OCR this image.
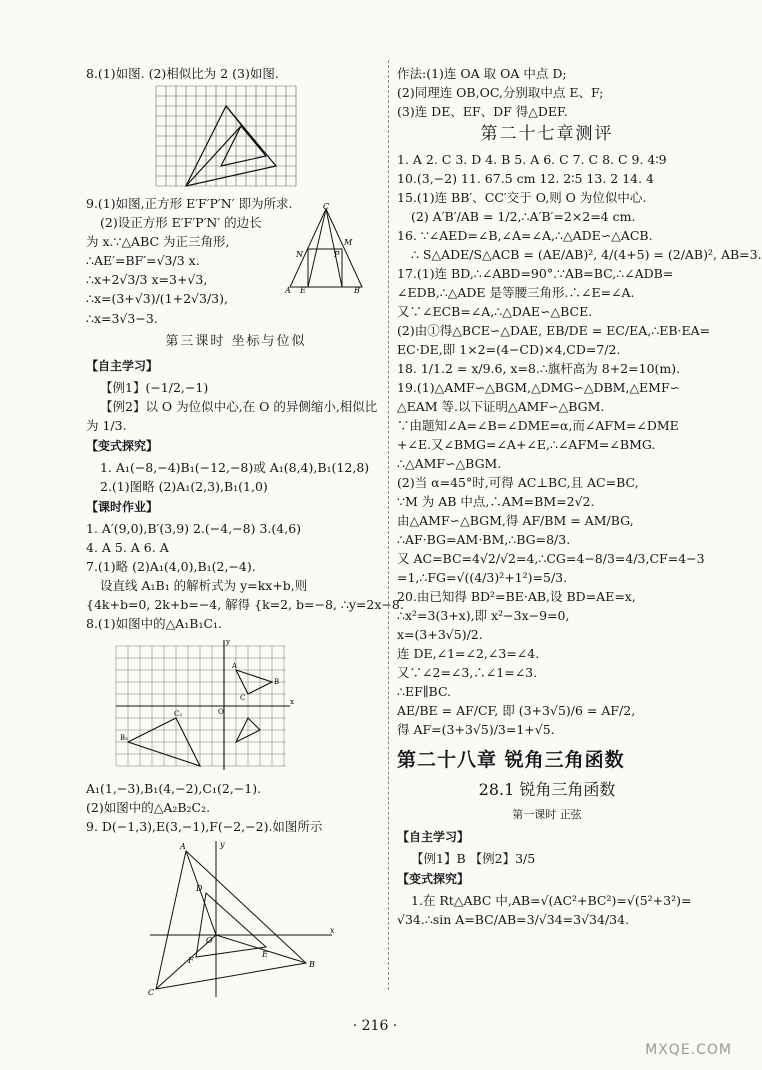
8.(1)如图. (2)相似比为 2 (3)如图.
9.(1)如图,正方形 E′F′P′N′ 即为所求.
(2)设正方形 E′F′P′N′ 的边长
为 x.∵△ABC 为正三角形,
∴AE′=BF′=√3/3 x.
∴x+2√3/3 x=3+√3,
∴x=(3+√3)/(1+2√3/3),
C
M
N	P
A E	B
∴x=3√3−3.
第三课时 坐标与位似
【自主学习】
【例1】(−1/2,−1)
【例2】以 O 为位似中心,在 O 的异侧缩小,相似比
为 1/3.
【变式探究】
1. A₁(−8,−4)B₁(−12,−8)或 A₁(8,4),B₁(12,8)
2.(1)图略 (2)A₁(2,3),B₁(1,0)
【课时作业】
1. A′(9,0),B′(3,9) 2.(−4,−8) 3.(4,6)
4. A 5. A 6. A
7.(1)略 (2)A₁(4,0),B₁(2,−4).
设直线 A₁B₁ 的解析式为 y=kx+b,则
{4k+b=0, 2k+b=−4, 解得 {k=2, b=−8, ∴y=2x−8.
8.(1)如图中的△A₁B₁C₁.
x
y
O
A
B
C
B₂
C₂
A₁(1,−3),B₁(4,−2),C₁(2,−1).
(2)如图中的△A₂B₂C₂.
9. D(−1,3),E(3,−1),F(−2,−2).如图所示
A
B
C
D
E
F
O
x
y
作法:(1)连 OA 取 OA 中点 D;
(2)同理连 OB,OC,分别取中点 E、F;
(3)连 DE、EF、DF 得△DEF.
第二十七章测评
1. A 2. C 3. D 4. B 5. A 6. C 7. C 8. C 9. 4∶9
10.(3,−2) 11. 67.5 cm 12. 2∶5 13. 2 14. 4
15.(1)连 BB′、CC′交于 O,则 O 为位似中心.
(2) A′B′/AB = 1/2,∴A′B′=2×2=4 cm.
16. ∵∠AED=∠B,∠A=∠A,∴△ADE∽△ACB.
∴ S△ADE/S△ACB = (AE/AB)², 4/(4+5) = (2/AB)², AB=3.
17.(1)连 BD,∴∠ABD=90°.∵AB=BC,∴∠ADB=
∠EDB,∴△ADE 是等腰三角形.∴∠E=∠A.
又∵∠ECB=∠A,∴△DAE∽△BCE.
(2)由①得△BCE∽△DAE, EB/DE = EC/EA,∴EB·EA=
EC·DE,即 1×2=(4−CD)×4,CD=7/2.
18. 1/1.2 = x/9.6, x=8.∴旗杆高为 8+2=10(m).
19.(1)△AMF∽△BGM,△DMG∽△DBM,△EMF∽
△EAM 等.以下证明△AMF∽△BGM.
∵由题知∠A=∠B=∠DME=α,而∠AFM=∠DME
+∠E.又∠BMG=∠A+∠E,∴∠AFM=∠BMG.
∴△AMF∽△BGM.
(2)当 α=45°时,可得 AC⊥BC,且 AC=BC,
∵M 为 AB 中点,∴AM=BM=2√2.
由△AMF∽△BGM,得 AF/BM = AM/BG,
∴AF·BG=AM·BM,∴BG=8/3.
又 AC=BC=4√2/√2=4,∴CG=4−8/3=4/3,CF=4−3
=1,∴FG=√((4/3)²+1²)=5/3.
20.由已知得 BD²=BE·AB,设 BD=AE=x,
∴x²=3(3+x),即 x²−3x−9=0,
x=(3+3√5)/2.
连 DE,∠1=∠2,∠3=∠4.
又∵∠2=∠3,∴∠1=∠3.
∴EF∥BC.
AE/BE = AF/CF, 即 (3+3√5)/6 = AF/2,
得 AF=(3+3√5)/3=1+√5.
第二十八章 锐角三角函数
28.1 锐角三角函数
第一课时 正弦
【自主学习】
【例1】B 【例2】3/5
【变式探究】
1.在 Rt△ABC 中,AB=√(AC²+BC²)=√(5²+3²)=
√34.∴sin A=BC/AB=3/√34=3√34/34.
· 216 ·
MXQE.COM
